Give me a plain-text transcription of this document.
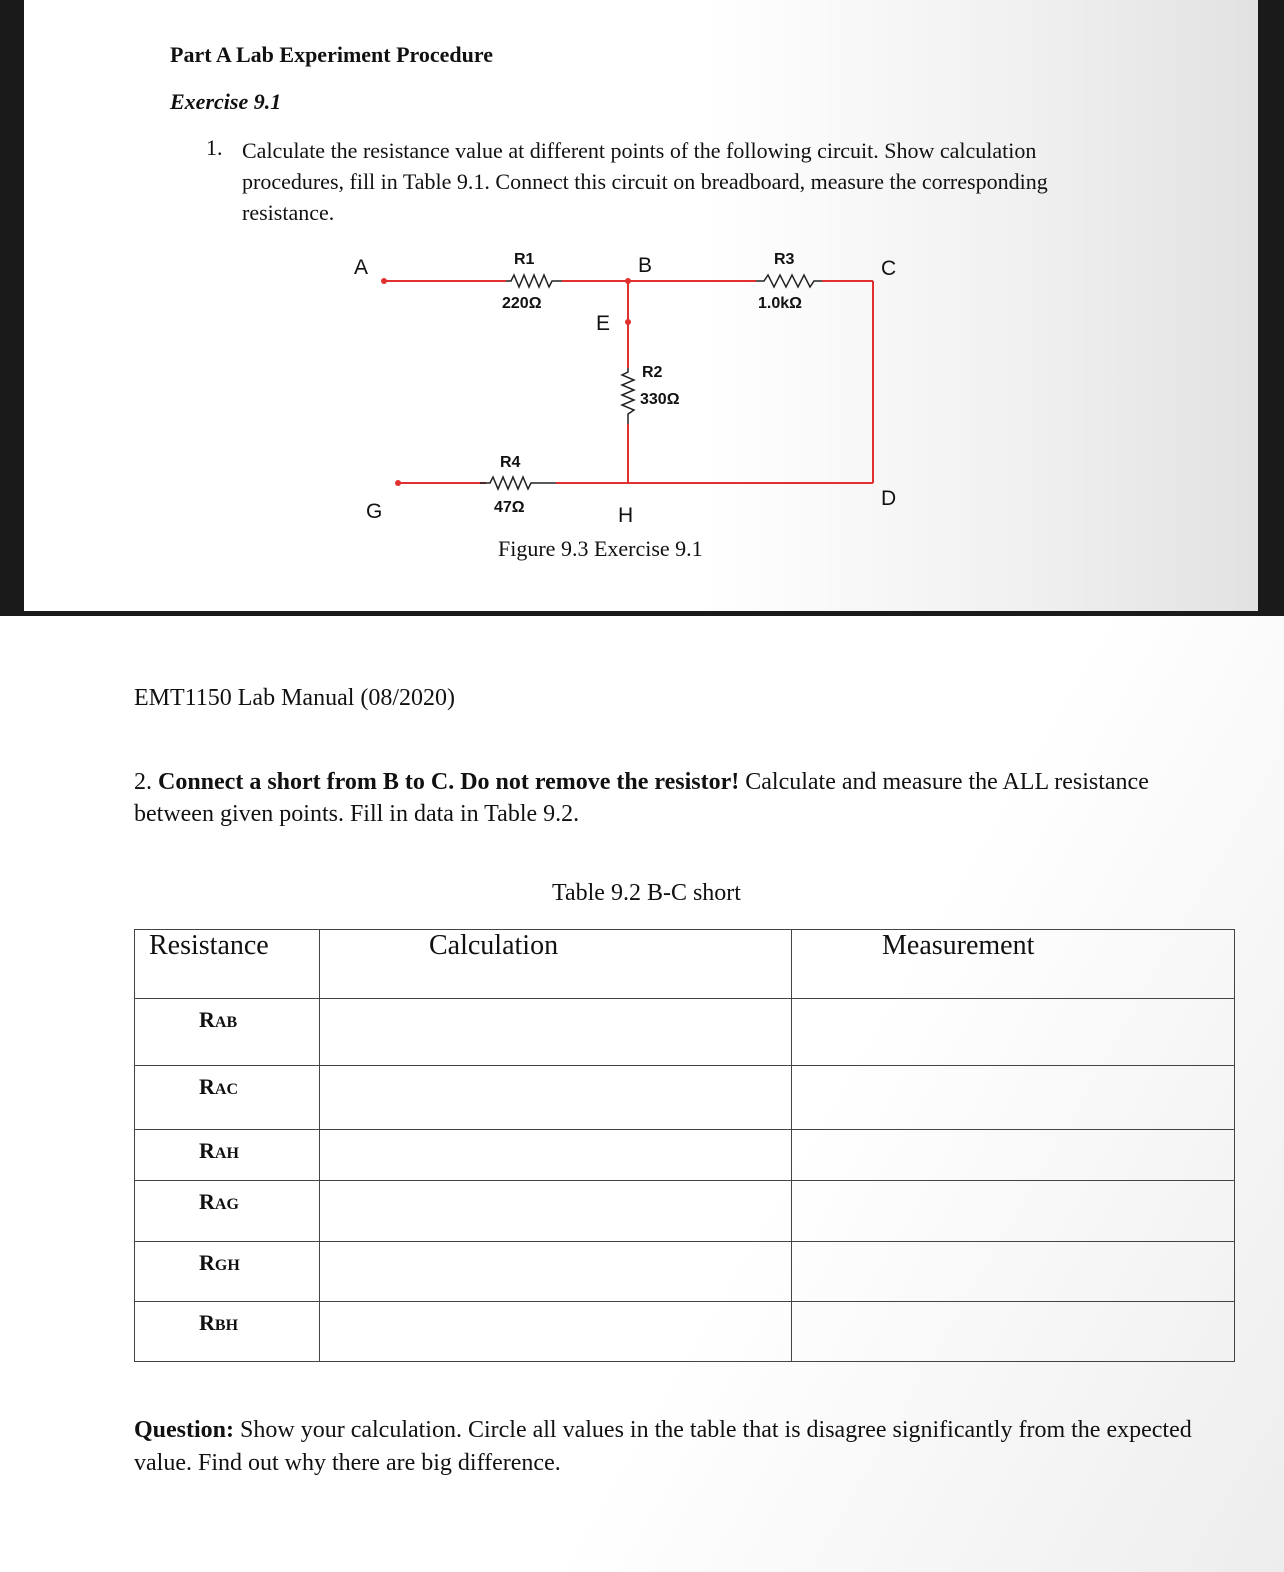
Part A Lab Experiment Procedure
Exercise 9.1
1. Calculate the resistance value at different points of the following circuit. Show calculation procedures, fill in Table 9.1. Connect this circuit on breadboard, measure the corresponding resistance.
A	B	C
D
E
G	H
R1
220Ω
R3
1.0kΩ
R2
330Ω
R4
47Ω
Figure 9.3 Exercise 9.1
EMT1150 Lab Manual (08/2020)
2. Connect a short from B to C. Do not remove the resistor! Calculate and measure the ALL resistance between given points. Fill in data in Table 9.2.
Table 9.2 B-C short
Resistance	Calculation	Measurement
RAB		
RAC		
RAH		
RAG		
RGH		
RBH		
Question: Show your calculation. Circle all values in the table that is disagree significantly from the expected value. Find out why there are big difference.
